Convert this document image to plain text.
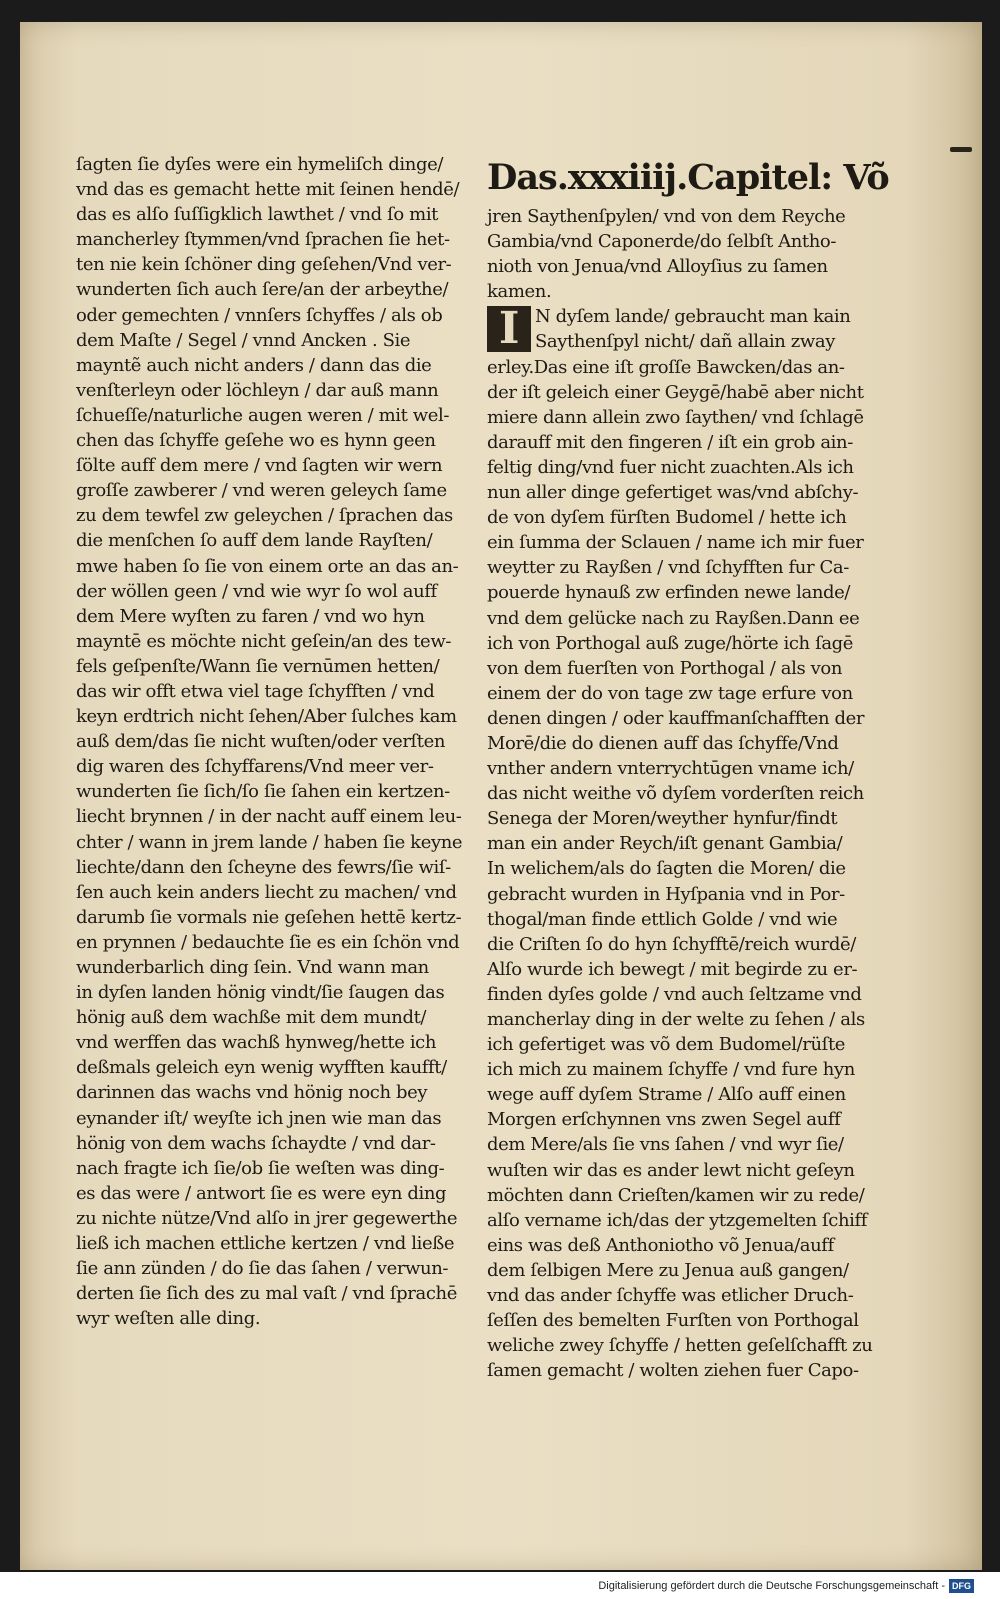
ſagten ſie dyſes were ein hymeliſch dinge/
vnd das es gemacht hette mit ſeinen hendē/
das es alſo ſuſſigklich lawthet / vnd ſo mit
mancherley ſtymmen/vnd ſprachen ſie het-
ten nie kein ſchöner ding geſehen/Vnd ver-
wunderten ſich auch ſere/an der arbeythe/
oder gemechten / vnnſers ſchyffes / als ob
dem Maſte / Segel / vnnd Ancken . Sie
mayntẽ auch nicht anders / dann das die
venſterleyn oder löchleyn / dar auß mann
ſchueſſe/naturliche augen weren / mit wel-
chen das ſchyffe geſehe wo es hynn geen
ſölte auff dem mere / vnd ſagten wir wern
groſſe zawberer / vnd weren geleych ſame
zu dem tewfel zw geleychen / ſprachen das
die menſchen ſo auff dem lande Rayſten/
mwe haben ſo ſie von einem orte an das an-
der wöllen geen / vnd wie wyr ſo wol auff
dem Mere wyſten zu faren / vnd wo hyn
mayntē es möchte nicht geſein/an des tew-
fels geſpenſte/Wann ſie vernūmen hetten/
das wir offt etwa viel tage ſchyfften / vnd
keyn erdtrich nicht ſehen/Aber ſulches kam
auß dem/das ſie nicht wuſten/oder verſten
dig waren des ſchyffarens/Vnd meer ver-
wunderten ſie ſich/ſo ſie ſahen ein kertzen-
liecht brynnen / in der nacht auff einem leu-
chter / wann in jrem lande / haben ſie keyne
liechte/dann den ſcheyne des fewrs/ſie wiſ-
ſen auch kein anders liecht zu machen/ vnd
darumb ſie vormals nie geſehen hettē kertz-
en prynnen / bedauchte ſie es ein ſchön vnd
wunderbarlich ding ſein. Vnd wann man
in dyſen landen hönig vindt/ſie ſaugen das
hönig auß dem wachße mit dem mundt/
vnd werffen das wachß hynweg/hette ich
deßmals geleich eyn wenig wyfften kaufft/
darinnen das wachs vnd hönig noch bey
eynander iſt/ weyſte ich jnen wie man das
hönig von dem wachs ſchaydte / vnd dar-
nach fragte ich ſie/ob ſie weſten was ding-
es das were / antwort ſie es were eyn ding
zu nichte nütze/Vnd alſo in jrer gegewerthe
ließ ich machen ettliche kertzen / vnd ließe
ſie ann zünden / do ſie das ſahen / verwun-
derten ſie ſich des zu mal vaſt / vnd ſprachē
wyr weſten alle ding.
Das.xxxiiij.Capitel: Võ
jren Saythenſpylen/ vnd von dem Reyche
Gambia/vnd Caponerde/do ſelbſt Antho-
nioth von Jenua/vnd Alloyſius zu ſamen
kamen.
I N dyſem lande/ gebraucht man kain
Saythenſpyl nicht/ dañ allain zway
erley.Das eine iſt groſſe Bawcken/das an-
der iſt geleich einer Geygē/habē aber nicht
miere dann allein zwo ſaythen/ vnd ſchlagē
darauff mit den fingeren / iſt ein grob ain-
feltig ding/vnd fuer nicht zuachten.Als ich
nun aller dinge gefertiget was/vnd abſchy-
de von dyſem fürſten Budomel / hette ich
ein ſumma der Sclauen / name ich mir fuer
weytter zu Rayßen / vnd ſchyfften fur Ca-
pouerde hynauß zw erfinden newe lande/
vnd dem gelücke nach zu Rayßen.Dann ee
ich von Porthogal auß zuge/hörte ich ſagē
von dem fuerſten von Porthogal / als von
einem der do von tage zw tage erfure von
denen dingen / oder kauffmanſchafften der
Morē/die do dienen auff das ſchyffe/Vnd
vnther andern vnterrychtūgen vname ich/
das nicht weithe võ dyſem vorderſten reich
Senega der Moren/weyther hynfur/findt
man ein ander Reych/iſt genant Gambia/
In welichem/als do ſagten die Moren/ die
gebracht wurden in Hyſpania vnd in Por-
thogal/man finde ettlich Golde / vnd wie
die Criſten ſo do hyn ſchyfftē/reich wurdē/
Alſo wurde ich bewegt / mit begirde zu er-
finden dyſes golde / vnd auch ſeltzame vnd
mancherlay ding in der welte zu ſehen / als
ich gefertiget was võ dem Budomel/rüſte
ich mich zu mainem ſchyffe / vnd fure hyn
wege auff dyſem Strame / Alſo auff einen
Morgen erſchynnen vns zwen Segel auff
dem Mere/als ſie vns ſahen / vnd wyr ſie/
wuſten wir das es ander lewt nicht geſeyn
möchten dann Crieſten/kamen wir zu rede/
alſo vername ich/das der ytzgemelten ſchiff
eins was deß Anthoniotho võ Jenua/auff
dem ſelbigen Mere zu Jenua auß gangen/
vnd das ander ſchyffe was etlicher Druch-
ſeſſen des bemelten Furſten von Porthogal
weliche zwey ſchyffe / hetten geſelſchafft zu
ſamen gemacht / wolten ziehen fuer Capo-
Digitalisierung gefördert durch die Deutsche Forschungsgemeinschaft - DFG
